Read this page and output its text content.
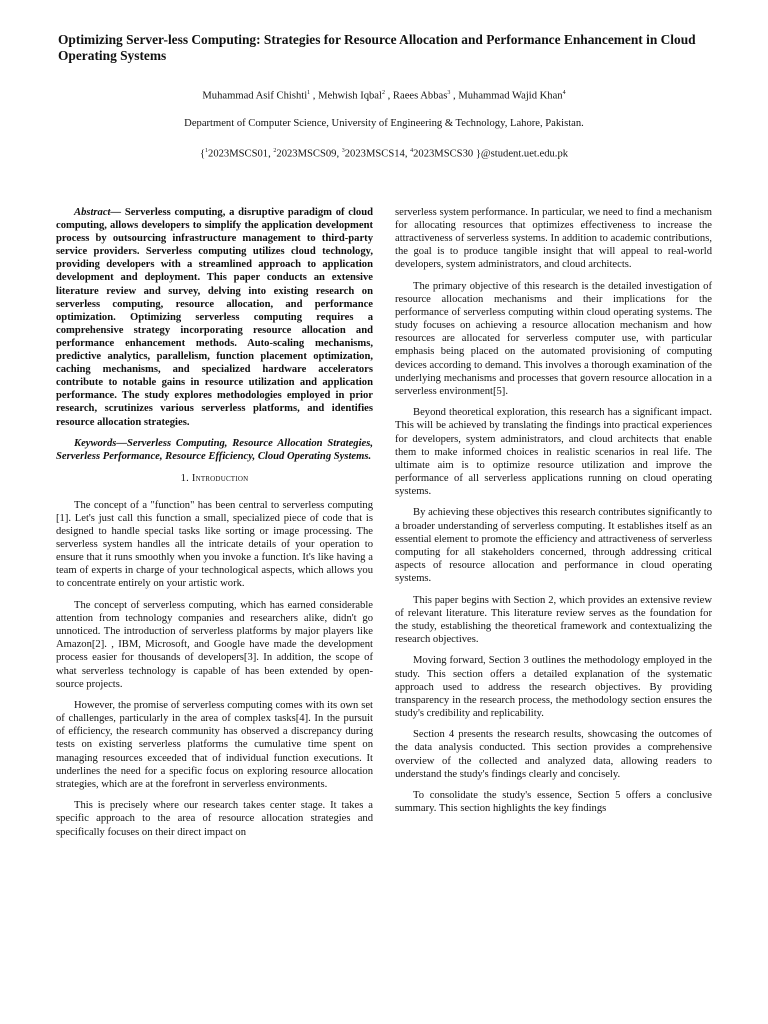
Optimizing Server-less Computing: Strategies for Resource Allocation and Performance Enhancement in Cloud Operating Systems
Muhammad Asif Chishti$^1$ , Mehwish Iqbal$^2$ , Raees Abbas$^3$ , Muhammad Wajid Khan$^4$
Department of Computer Science, University of Engineering & Technology, Lahore, Pakistan.
{$^1$2023MSCS01, $^2$2023MSCS09, $^3$2023MSCS14, $^4$2023MSCS30 }@student.uet.edu.pk

Abstract— Serverless computing, a disruptive paradigm of cloud computing, allows developers to simplify the application development process by outsourcing infrastructure management to third-party service providers. Serverless computing utilizes cloud technology, providing developers with a streamlined approach to application development and deployment. This paper conducts an extensive literature review and survey, delving into existing research on serverless computing, resource allocation, and performance optimization. Optimizing serverless computing requires a comprehensive strategy incorporating resource allocation and performance enhancement methods. Auto-scaling mechanisms, predictive analytics, parallelism, function placement optimization, caching mechanisms, and specialized hardware accelerators contribute to notable gains in resource utilization and application performance. The study explores methodologies employed in prior research, scrutinizes various serverless platforms, and identifies resource allocation strategies.

Keywords—Serverless Computing, Resource Allocation Strategies, Serverless Performance, Resource Efficiency, Cloud Operating Systems.

1. Introduction

The concept of a "function" has been central to serverless computing [1]. Let's just call this function a small, specialized piece of code that is designed to handle special tasks like sorting or image processing. The serverless system handles all the intricate details of your operation to ensure that it runs smoothly when you invoke a function. It's like having a team of experts in charge of your technological aspects, which allows you to concentrate entirely on your artistic work.

The concept of serverless computing, which has earned considerable attention from technology companies and researchers alike, didn't go unnoticed. The introduction of serverless platforms by major players like Amazon[2]. , IBM, Microsoft, and Google have made the development process easier for thousands of developers[3]. In addition, the scope of what serverless technology is capable of has been extended by open-source projects.

However, the promise of serverless computing comes with its own set of challenges, particularly in the area of complex tasks[4]. In the pursuit of efficiency, the research community has observed a discrepancy during tests on existing serverless platforms the cumulative time spent on managing resources exceeded that of individual function executions. It underlines the need for a specific focus on exploring resource allocation strategies, which are at the forefront in serverless environments.

This is precisely where our research takes center stage. It takes a specific approach to the area of resource allocation strategies and specifically focuses on their direct impact on

serverless system performance. In particular, we need to find a mechanism for allocating resources that optimizes effectiveness to increase the attractiveness of serverless systems. In addition to academic contributions, the goal is to produce tangible insight that will appeal to real-world developers, system administrators, and cloud architects.

The primary objective of this research is the detailed investigation of resource allocation mechanisms and their implications for the performance of serverless computing within cloud operating systems. The study focuses on achieving a resource allocation mechanism and how resources are allocated for serverless computer use, with particular emphasis being placed on the automated provisioning of computing devices according to demand. This involves a thorough examination of the underlying mechanisms and processes that govern resource allocation in a serverless environment[5].

Beyond theoretical exploration, this research has a significant impact. This will be achieved by translating the findings into practical experiences for developers, system administrators, and cloud architects that enable them to make informed choices in realistic scenarios in real life. The ultimate aim is to optimize resource utilization and improve the performance of all serverless applications running on cloud operating systems.

By achieving these objectives this research contributes significantly to a broader understanding of serverless computing. It establishes itself as an essential element to promote the efficiency and attractiveness of serverless computing for all stakeholders concerned, through addressing critical aspects of resource allocation and performance in cloud operating systems.

This paper begins with Section 2, which provides an extensive review of relevant literature. This literature review serves as the foundation for the study, establishing the theoretical framework and contextualizing the research objectives.

Moving forward, Section 3 outlines the methodology employed in the study. This section offers a detailed explanation of the systematic approach used to address the research objectives. By providing transparency in the research process, the methodology section ensures the study's credibility and replicability.

Section 4 presents the research results, showcasing the outcomes of the data analysis conducted. This section provides a comprehensive overview of the collected and analyzed data, allowing readers to understand the study's findings clearly and concisely.

To consolidate the study's essence, Section 5 offers a conclusive summary. This section highlights the key findings
